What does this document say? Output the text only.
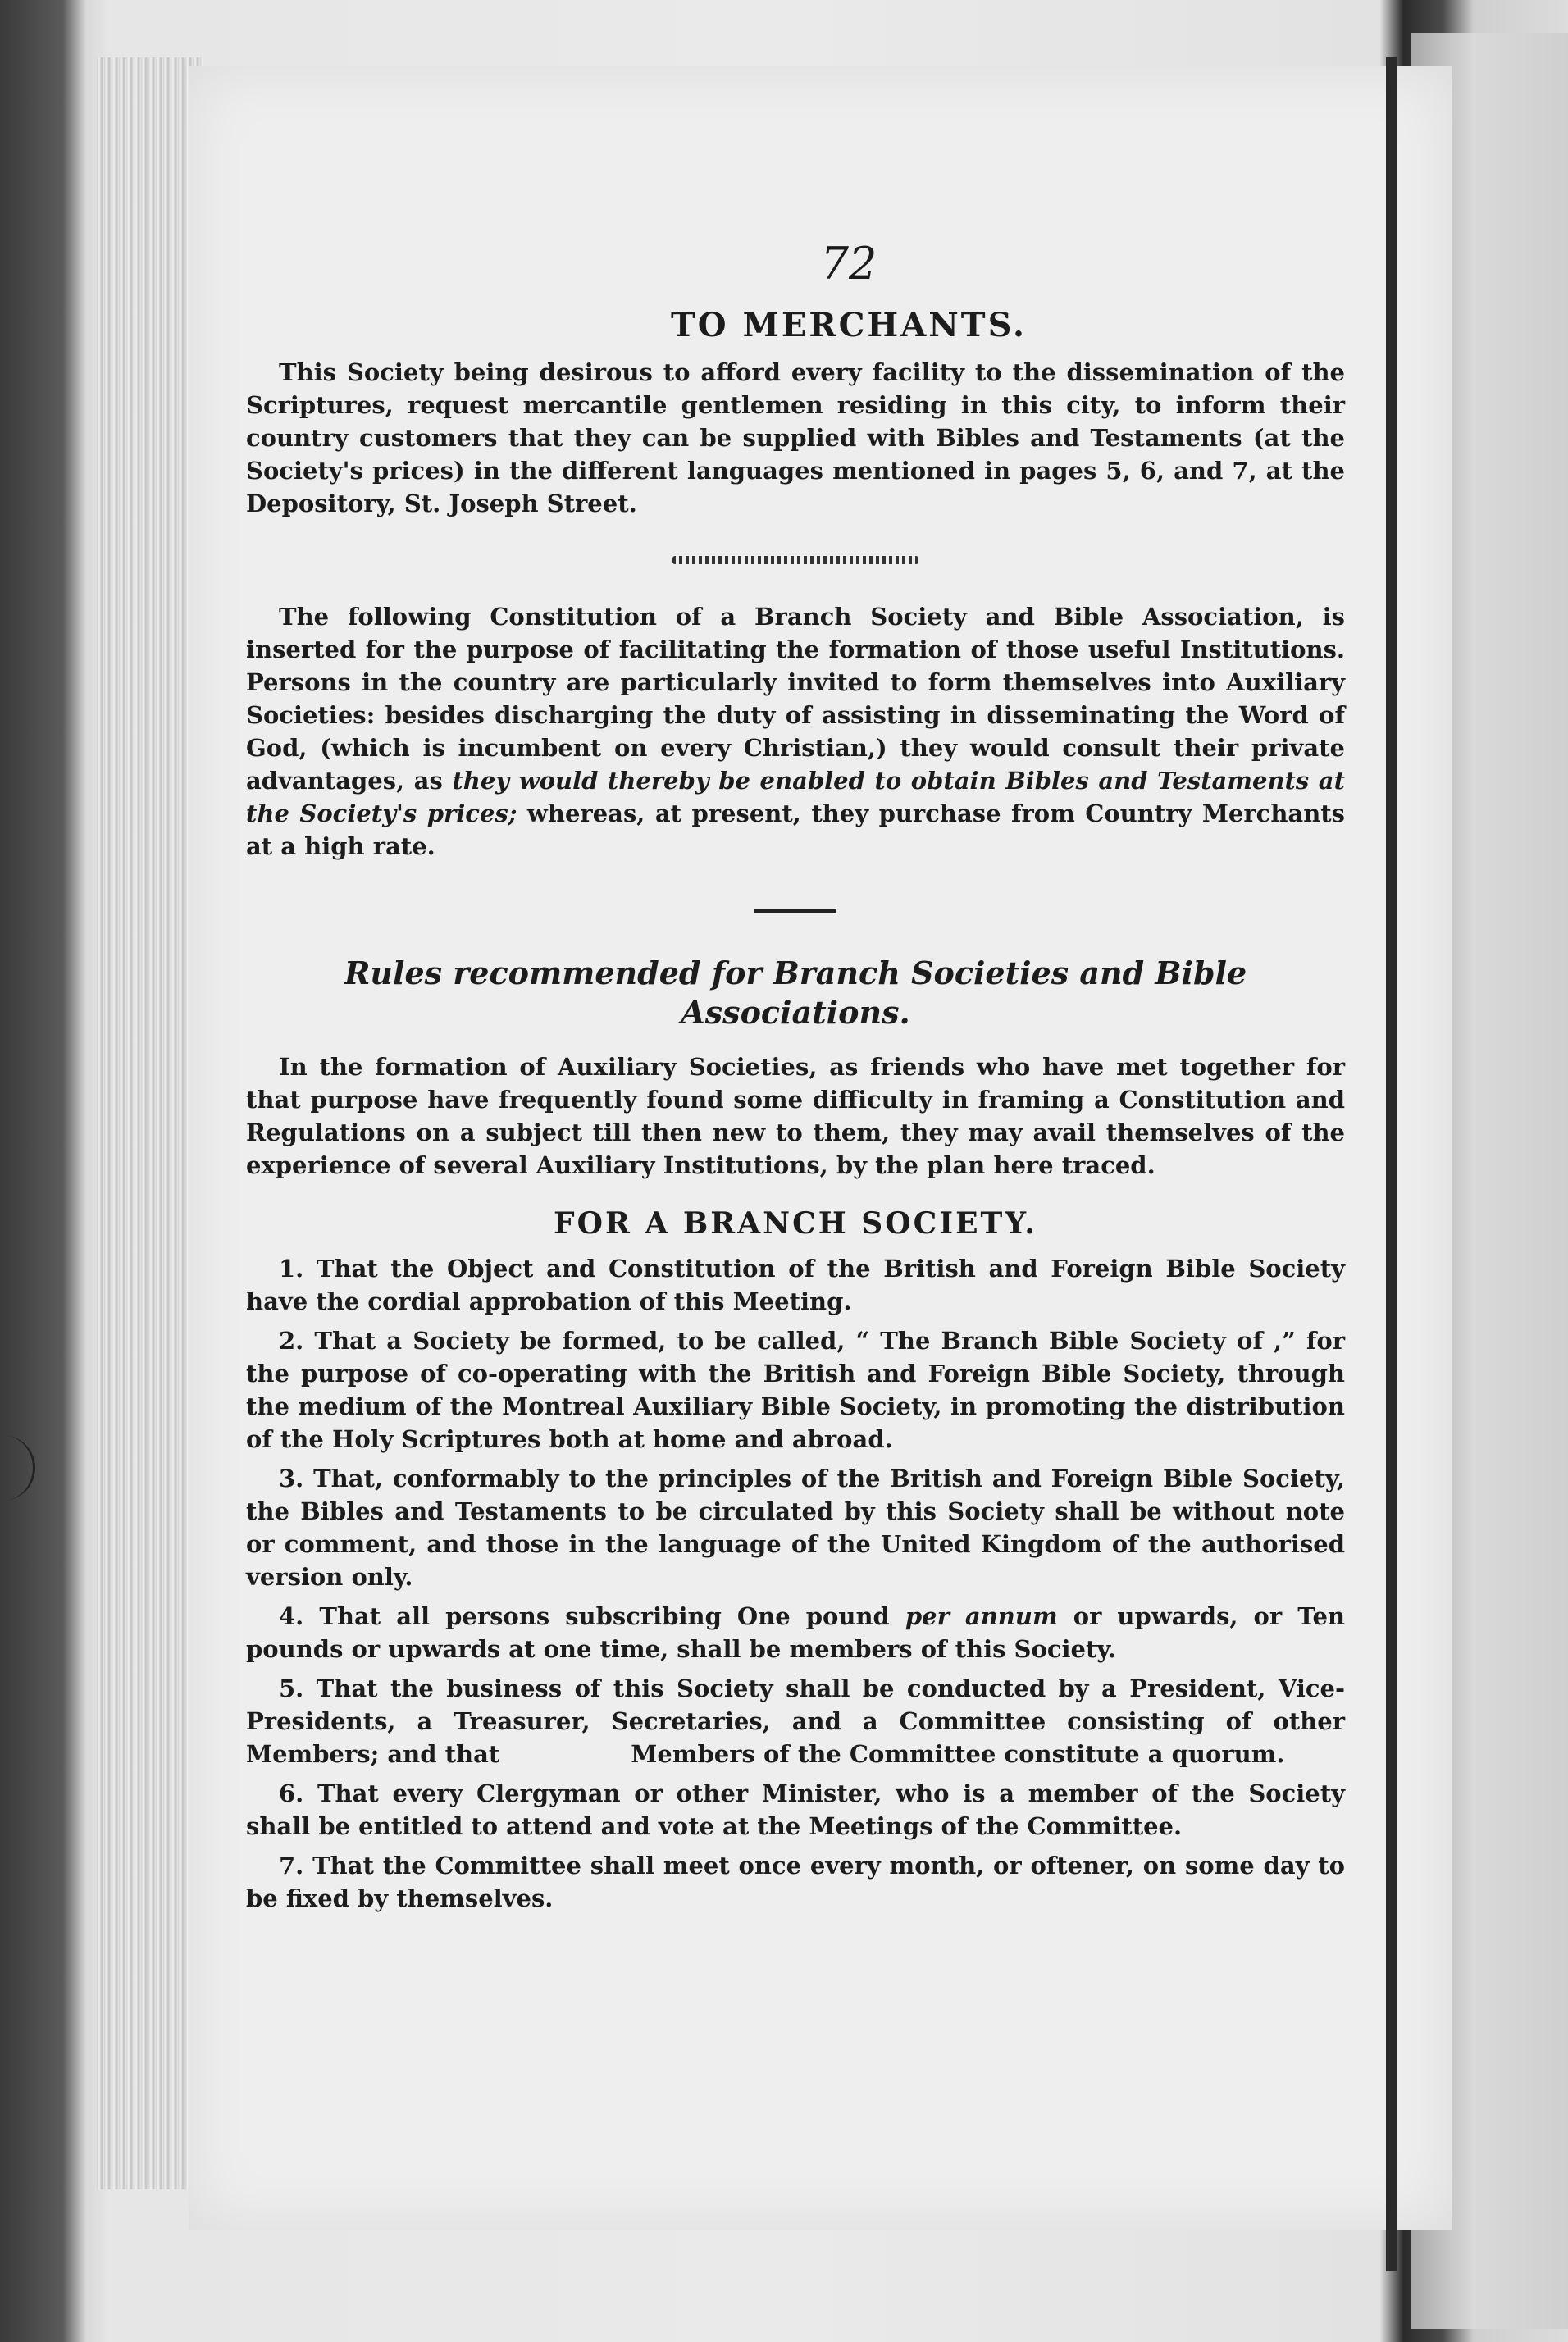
72
TO MERCHANTS.

This Society being desirous to afford every facility to the dissemination of the Scriptures, request mercantile gentlemen residing in this city, to inform their country customers that they can be supplied with Bibles and Testaments (at the Society's prices) in the different languages mentioned in pages 5, 6, and 7, at the Depository, St. Joseph Street.

The following Constitution of a Branch Society and Bible Association, is inserted for the purpose of facilitating the formation of those useful Institutions. Persons in the country are particularly invited to form themselves into Auxiliary Societies: besides discharging the duty of assisting in disseminating the Word of God, (which is incumbent on every Christian,) they would consult their private advantages, as they would thereby be enabled to obtain Bibles and Testaments at the Society's prices; whereas, at present, they purchase from Country Merchants at a high rate.

Rules recommended for Branch Societies and Bible Associations.

In the formation of Auxiliary Societies, as friends who have met together for that purpose have frequently found some difficulty in framing a Constitution and Regulations on a subject till then new to them, they may avail themselves of the experience of several Auxiliary Institutions, by the plan here traced.

FOR A BRANCH SOCIETY.

1. That the Object and Constitution of the British and Foreign Bible Society have the cordial approbation of this Meeting.

2. That a Society be formed, to be called, “ The Branch Bible Society of ,” for the purpose of co-operating with the British and Foreign Bible Society, through the medium of the Montreal Auxiliary Bible Society, in promoting the distribution of the Holy Scriptures both at home and abroad.

3. That, conformably to the principles of the British and Foreign Bible Society, the Bibles and Testaments to be circulated by this Society shall be without note or comment, and those in the language of the United Kingdom of the authorised version only.

4. That all persons subscribing One pound per annum or upwards, or Ten pounds or upwards at one time, shall be members of this Society.

5. That the business of this Society shall be conducted by a President, Vice-Presidents, a Treasurer, Secretaries, and a Committee consisting of other Members; and that	Members of the Committee constitute a quorum.

6. That every Clergyman or other Minister, who is a member of the Society shall be entitled to attend and vote at the Meetings of the Committee.

7. That the Committee shall meet once every month, or oftener, on some day to be fixed by themselves.
